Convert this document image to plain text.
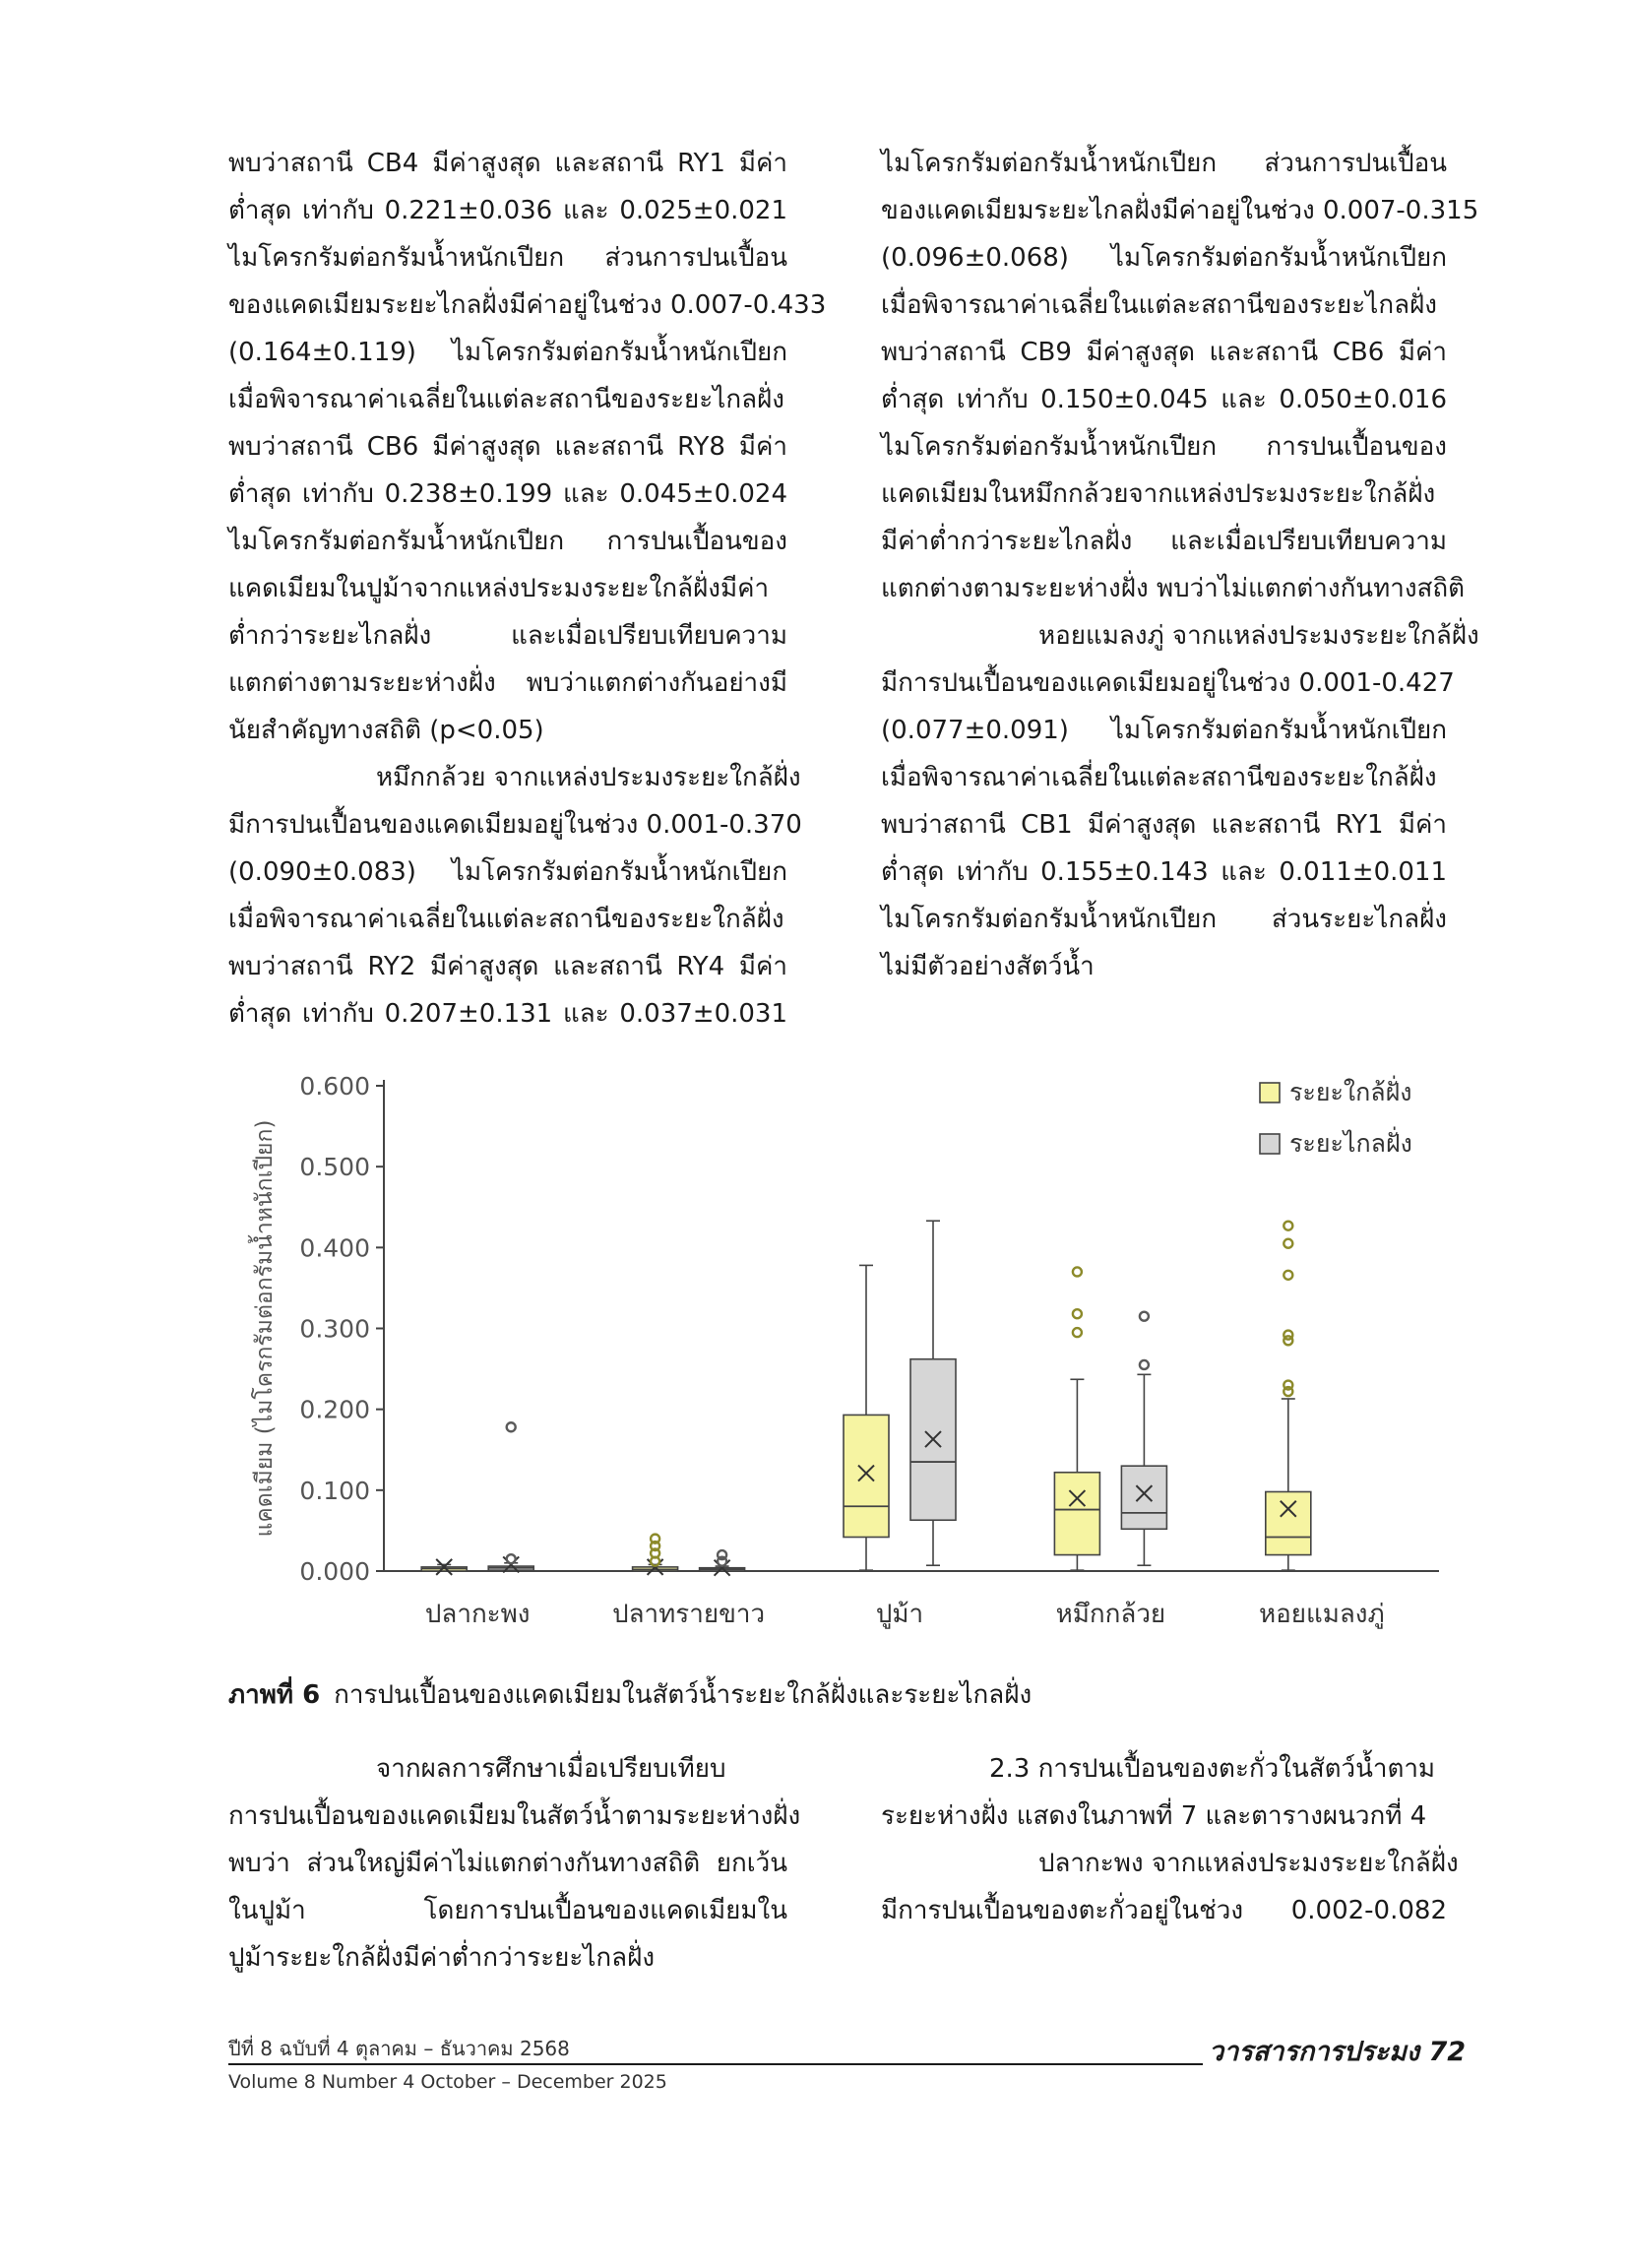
พบว่าสถานี CB4 มีค่าสูงสุด และสถานี RY1 มีค่า
ต่ำสุด เท่ากับ 0.221±0.036 และ 0.025±0.021
ไมโครกรัมต่อกรัมน้ำหนักเปียก ส่วนการปนเปื้อน
ของแคดเมียมระยะไกลฝั่งมีค่าอยู่ในช่วง 0.007-0.433
(0.164±0.119) ไมโครกรัมต่อกรัมน้ำหนักเปียก
เมื่อพิจารณาค่าเฉลี่ยในแต่ละสถานีของระยะไกลฝั่ง
พบว่าสถานี CB6 มีค่าสูงสุด และสถานี RY8 มีค่า
ต่ำสุด เท่ากับ 0.238±0.199 และ 0.045±0.024
ไมโครกรัมต่อกรัมน้ำหนักเปียก การปนเปื้อนของ
แคดเมียมในปูม้าจากแหล่งประมงระยะใกล้ฝั่งมีค่า
ต่ำกว่าระยะไกลฝั่ง และเมื่อเปรียบเทียบความ
แตกต่างตามระยะห่างฝั่ง พบว่าแตกต่างกันอย่างมี
นัยสำคัญทางสถิติ (p<0.05)
หมึกกล้วย จากแหล่งประมงระยะใกล้ฝั่ง
มีการปนเปื้อนของแคดเมียมอยู่ในช่วง 0.001-0.370
(0.090±0.083) ไมโครกรัมต่อกรัมน้ำหนักเปียก
เมื่อพิจารณาค่าเฉลี่ยในแต่ละสถานีของระยะใกล้ฝั่ง
พบว่าสถานี RY2 มีค่าสูงสุด และสถานี RY4 มีค่า
ต่ำสุด เท่ากับ 0.207±0.131 และ 0.037±0.031
ไมโครกรัมต่อกรัมน้ำหนักเปียก ส่วนการปนเปื้อน
ของแคดเมียมระยะไกลฝั่งมีค่าอยู่ในช่วง 0.007-0.315
(0.096±0.068) ไมโครกรัมต่อกรัมน้ำหนักเปียก
เมื่อพิจารณาค่าเฉลี่ยในแต่ละสถานีของระยะไกลฝั่ง
พบว่าสถานี CB9 มีค่าสูงสุด และสถานี CB6 มีค่า
ต่ำสุด เท่ากับ 0.150±0.045 และ 0.050±0.016
ไมโครกรัมต่อกรัมน้ำหนักเปียก การปนเปื้อนของ
แคดเมียมในหมึกกล้วยจากแหล่งประมงระยะใกล้ฝั่ง
มีค่าต่ำกว่าระยะไกลฝั่ง และเมื่อเปรียบเทียบความ
แตกต่างตามระยะห่างฝั่ง พบว่าไม่แตกต่างกันทางสถิติ
หอยแมลงภู่ จากแหล่งประมงระยะใกล้ฝั่ง
มีการปนเปื้อนของแคดเมียมอยู่ในช่วง 0.001-0.427
(0.077±0.091) ไมโครกรัมต่อกรัมน้ำหนักเปียก
เมื่อพิจารณาค่าเฉลี่ยในแต่ละสถานีของระยะใกล้ฝั่ง
พบว่าสถานี CB1 มีค่าสูงสุด และสถานี RY1 มีค่า
ต่ำสุด เท่ากับ 0.155±0.143 และ 0.011±0.011
ไมโครกรัมต่อกรัมน้ำหนักเปียก ส่วนระยะไกลฝั่ง
ไม่มีตัวอย่างสัตว์น้ำ
0.000
0.100
0.200
0.300
0.400
0.500
0.600
แคดเมียม (ไมโครกรัมต่อกรัมน้ำหนักเปียก)
ปลากะพง	ปลาทรายขาว	ปูม้า	หมึกกล้วย	หอยแมลงภู่
ระยะใกล้ฝั่ง
ระยะไกลฝั่ง
ภาพที่ 6 การปนเปื้อนของแคดเมียมในสัตว์น้ำระยะใกล้ฝั่งและระยะไกลฝั่ง
จากผลการศึกษาเมื่อเปรียบเทียบ
การปนเปื้อนของแคดเมียมในสัตว์น้ำตามระยะห่างฝั่ง
พบว่า ส่วนใหญ่มีค่าไม่แตกต่างกันทางสถิติ ยกเว้น
ในปูม้า โดยการปนเปื้อนของแคดเมียมใน
ปูม้าระยะใกล้ฝั่งมีค่าต่ำกว่าระยะไกลฝั่ง
2.3 การปนเปื้อนของตะกั่วในสัตว์น้ำตาม
ระยะห่างฝั่ง แสดงในภาพที่ 7 และตารางผนวกที่ 4
ปลากะพง จากแหล่งประมงระยะใกล้ฝั่ง
มีการปนเปื้อนของตะกั่วอยู่ในช่วง 0.002-0.082
ปีที่ 8 ฉบับที่ 4 ตุลาคม – ธันวาคม 2568
Volume 8 Number 4 October – December 2025
วารสารการประมง 72
